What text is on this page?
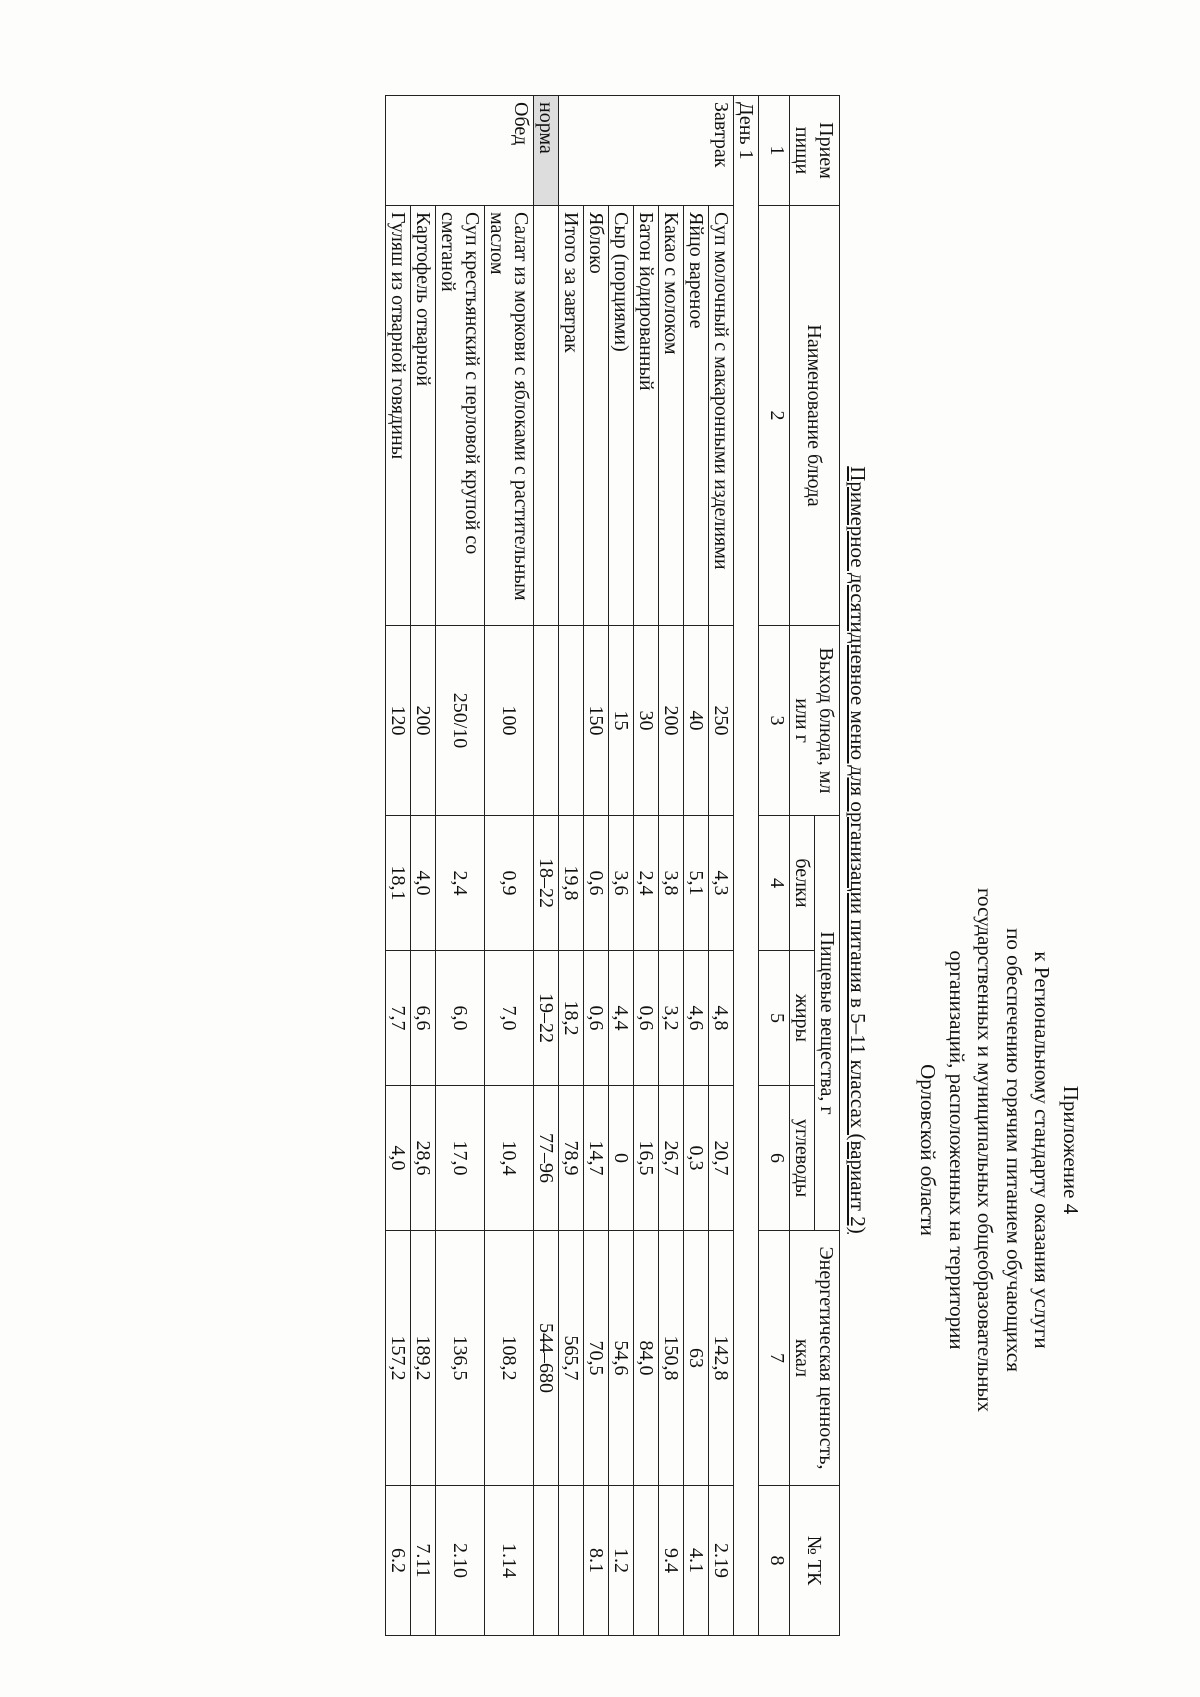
Приложение 4
к Региональному стандарту оказания услуги
по обеспечению горячим питанием обучающихся
государственных и муниципальных общеобразовательных
организаций, расположенных на территории
Орловской области
Примерное десятидневное меню для организации питания в 5–11 классах (вариант 2)
Прием пищи	Наименование блюда	Выход блюда, мл или г	Пищевые вещества, г			Энергетическая ценность, ккал	№ ТК
			белки	жиры	углеводы		
1	2	3	4	5	6	7	8
День 1							
Завтрак	Суп молочный с макаронными изделиями	250	4,3	4,8	20,7	142,8	2.19
	Яйцо вареное	40	5,1	4,6	0,3	63	4.1
	Какао с молоком	200	3,8	3,2	26,7	150,8	9.4
	Батон йодированный	30	2,4	0,6	16,5	84,0	
	Сыр (порциями)	15	3,6	4,4	0	54,6	1.2
	Яблоко	150	0,6	0,6	14,7	70,5	8.1
	Итого за завтрак		19,8	18,2	78,9	565,7	
норма			18–22	19–22	77–96	544–680	
Обед	Салат из моркови с яблоками с растительным маслом	100	0,9	7,0	10,4	108,2	1.14
	Суп крестьянский с перловой крупой со сметаной	250/10	2,4	6,0	17,0	136,5	2.10
	Картофель отварной	200	4,0	6,6	28,6	189,2	7.11
	Гуляш из отварной говядины	120	18,1	7,7	4,0	157,2	6.2
